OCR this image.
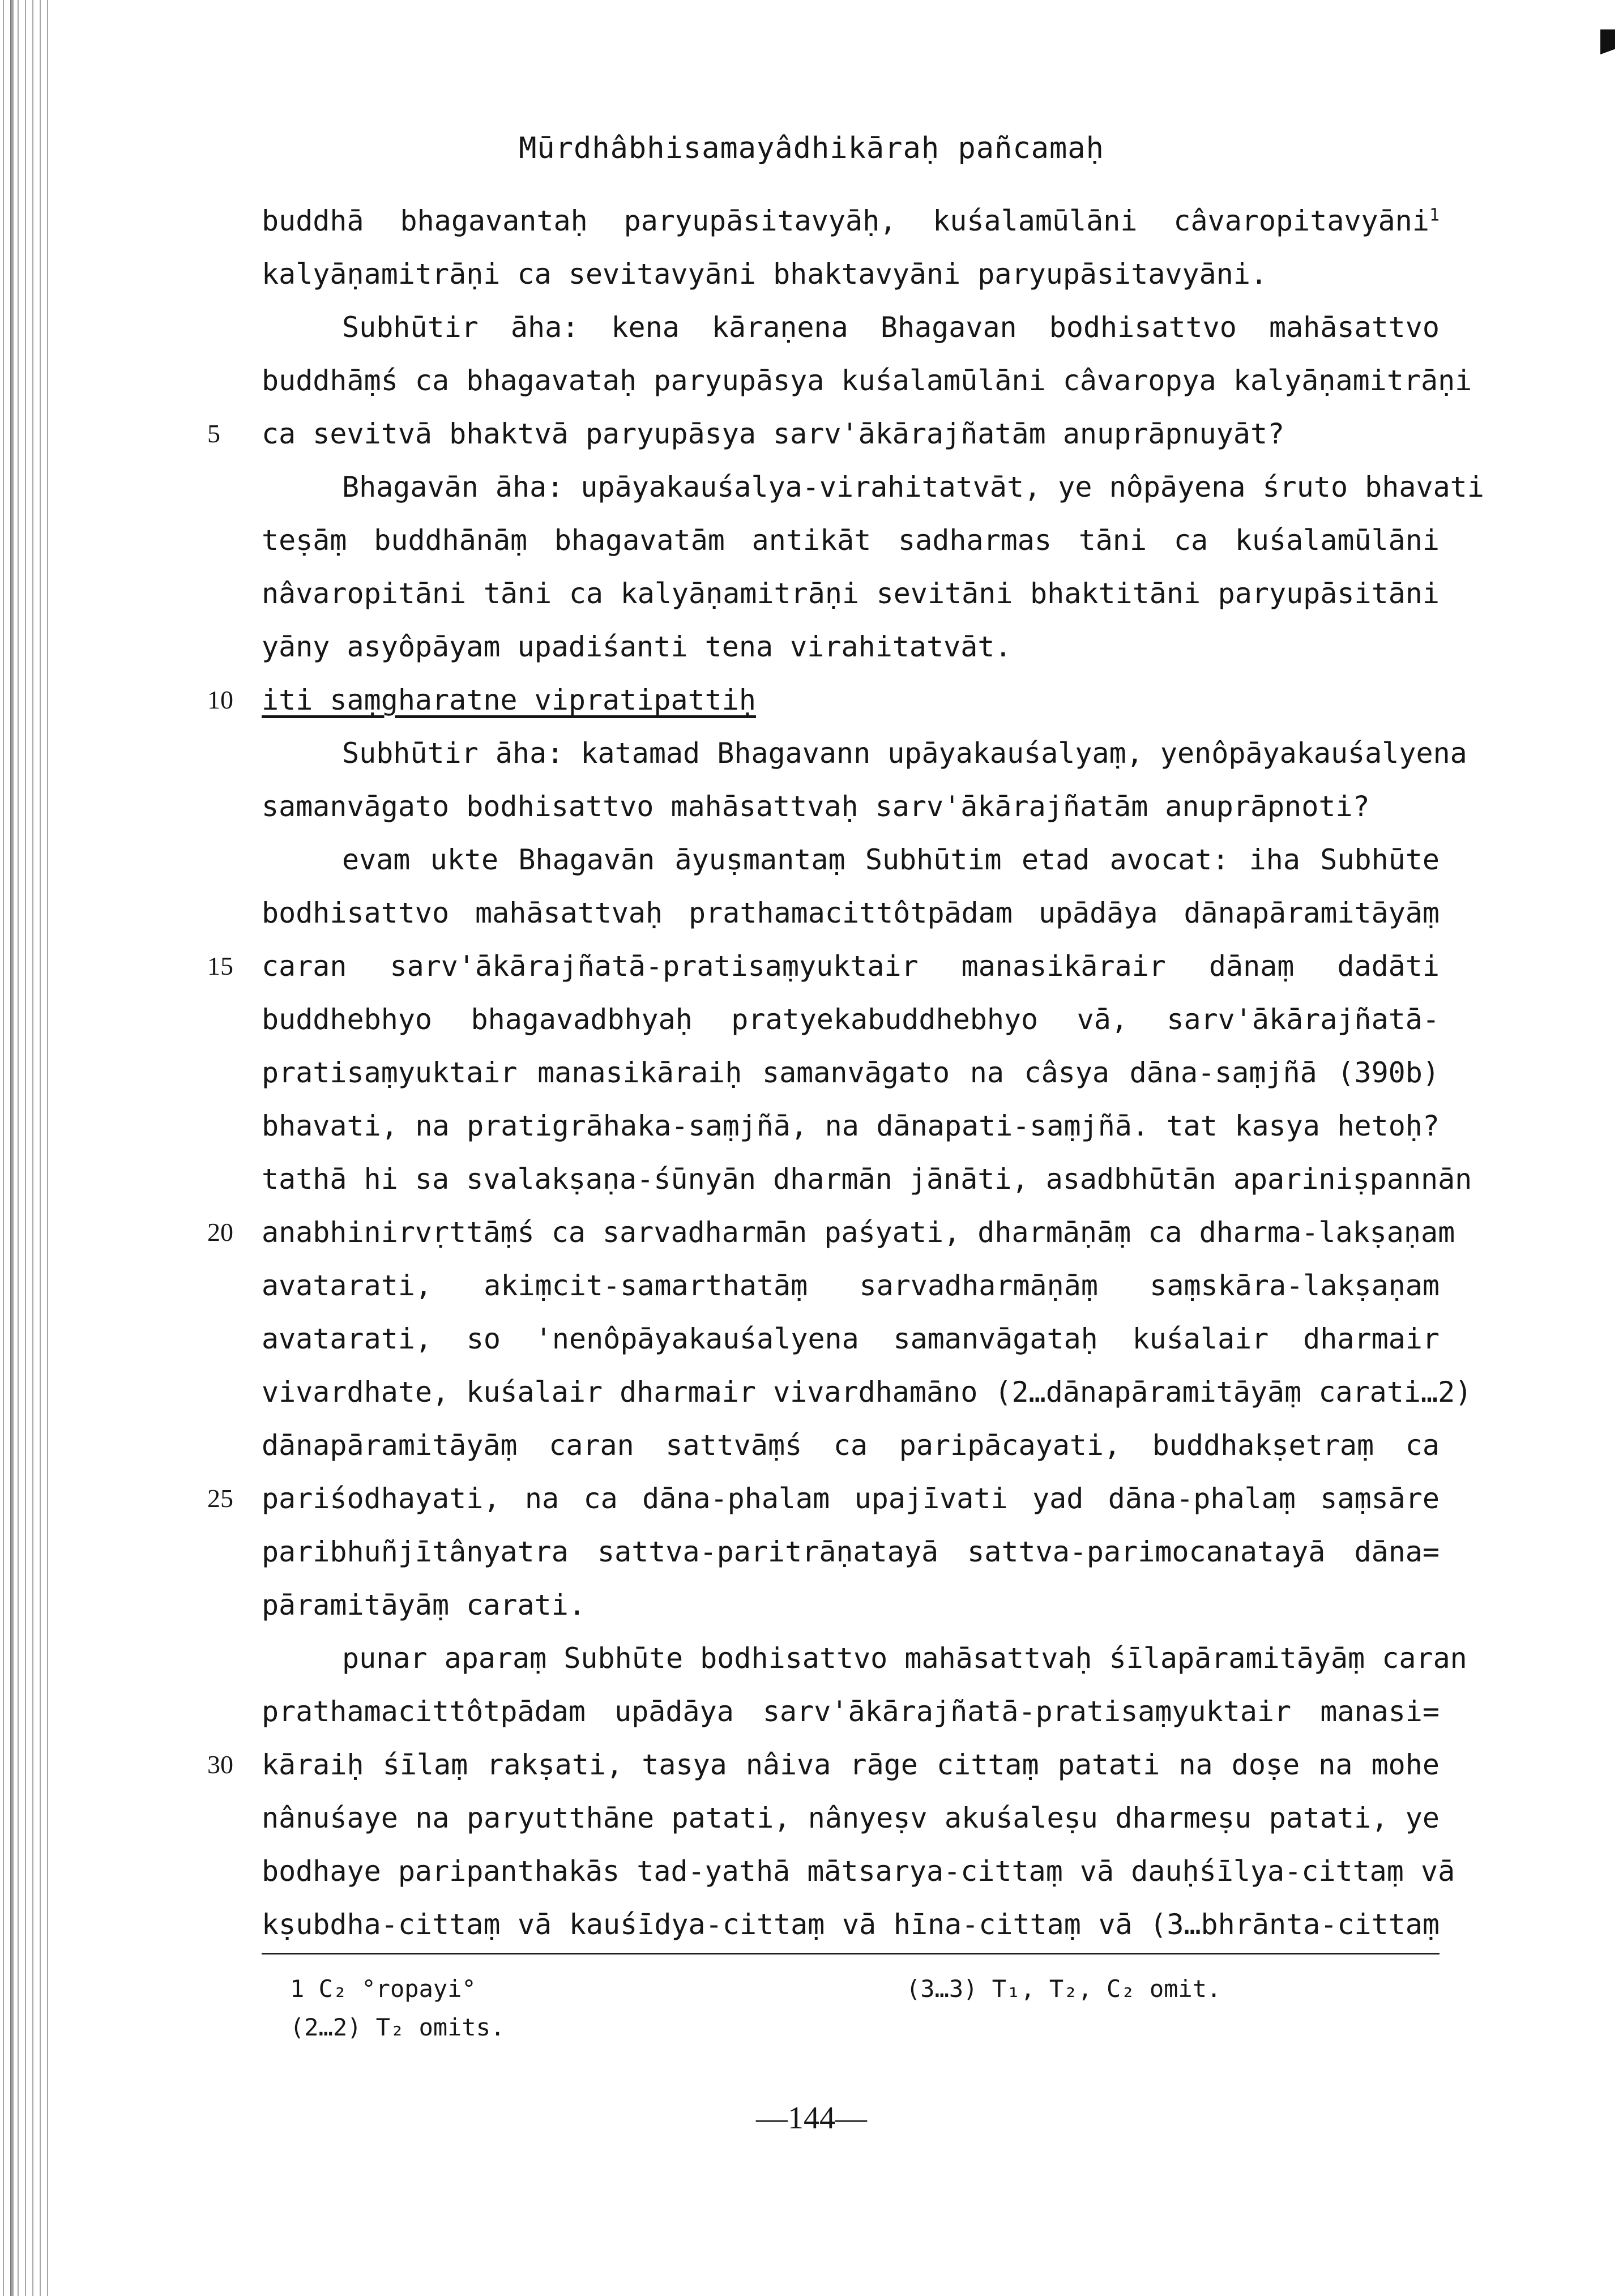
Mūrdhâbhisamayâdhikāraḥ pañcamaḥ
buddhā bhagavantaḥ paryupāsitavyāḥ, kuśalamūlāni câvaropitavyāni$^1$
kalyāṇamitrāṇi ca sevitavyāni bhaktavyāni paryupāsitavyāni.
Subhūtir āha: kena kāraṇena Bhagavan bodhisattvo mahāsattvo
buddhāṃś ca bhagavataḥ paryupāsya kuśalamūlāni câvaropya kalyāṇamitrāṇi
5	ca sevitvā bhaktvā paryupāsya sarv'ākārajñatām anuprāpnuyāt?
Bhagavān āha: upāyakauśalya-virahitatvāt, ye nôpāyena śruto bhavati
teṣāṃ buddhānāṃ bhagavatām antikāt sadharmas tāni ca kuśalamūlāni
nâvaropitāni tāni ca kalyāṇamitrāṇi sevitāni bhaktitāni paryupāsitāni
yāny asyôpāyam upadiśanti tena virahitatvāt.
10 iti saṃgharatne vipratipattiḥ
Subhūtir āha: katamad Bhagavann upāyakauśalyaṃ, yenôpāyakauśalyena
samanvāgato bodhisattvo mahāsattvaḥ sarv'ākārajñatām anuprāpnoti?
evam ukte Bhagavān āyuṣmantaṃ Subhūtim etad avocat: iha Subhūte
bodhisattvo mahāsattvaḥ prathamacittôtpādam upādāya dānapāramitāyāṃ
15 caran sarv'ākārajñatā-pratisaṃyuktair manasikārair dānaṃ dadāti
buddhebhyo bhagavadbhyaḥ pratyekabuddhebhyo vā, sarv'ākārajñatā-
pratisaṃyuktair manasikāraiḥ samanvāgato na câsya dāna-saṃjñā (390b)
bhavati, na pratigrāhaka-saṃjñā, na dānapati-saṃjñā. tat kasya hetoḥ?
tathā hi sa svalakṣaṇa-śūnyān dharmān jānāti, asadbhūtān apariniṣpannān
20 anabhinirvṛttāṃś ca sarvadharmān paśyati, dharmāṇāṃ ca dharma-lakṣaṇam
avatarati, akiṃcit-samarthatāṃ sarvadharmāṇāṃ saṃskāra-lakṣaṇam
avatarati, so 'nenôpāyakauśalyena samanvāgataḥ kuśalair dharmair
vivardhate, kuśalair dharmair vivardhamāno (2…dānapāramitāyāṃ carati…2)
dānapāramitāyāṃ caran sattvāṃś ca paripācayati, buddhakṣetraṃ ca
25 pariśodhayati, na ca dāna-phalam upajīvati yad dāna-phalaṃ saṃsāre
paribhuñjītânyatra sattva-paritrāṇatayā sattva-parimocanatayā dāna=
pāramitāyāṃ carati.
punar aparaṃ Subhūte bodhisattvo mahāsattvaḥ śīlapāramitāyāṃ caran
prathamacittôtpādam upādāya sarv'ākārajñatā-pratisaṃyuktair manasi=
30 kāraiḥ śīlaṃ rakṣati, tasya nâiva rāge cittaṃ patati na doṣe na mohe
nânuśaye na paryutthāne patati, nânyeṣv akuśaleṣu dharmeṣu patati, ye
bodhaye paripanthakās tad-yathā mātsarya-cittaṃ vā dauḥśīlya-cittaṃ vā
kṣubdha-cittaṃ vā kauśīdya-cittaṃ vā hīna-cittaṃ vā (3…bhrānta-cittaṃ
1 C₂ °ropayi°
(2…2) T₂ omits.
(3…3) T₁, T₂, C₂ omit.
—144—
